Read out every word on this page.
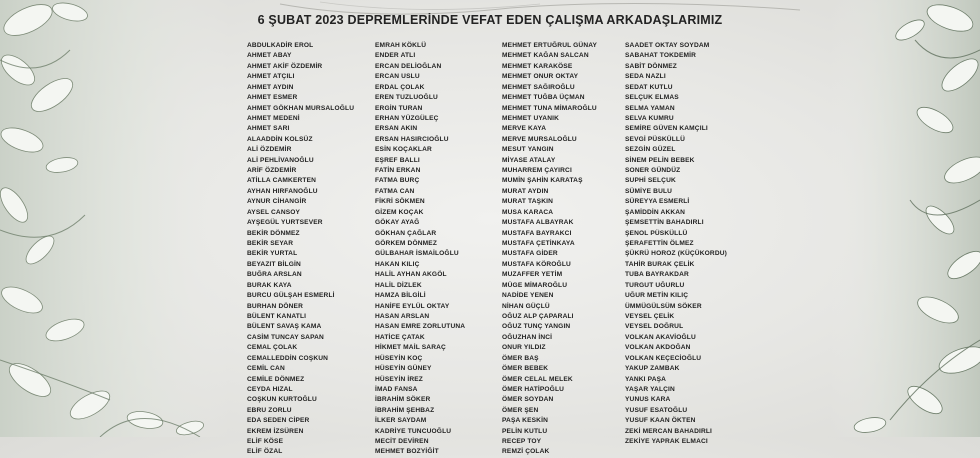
6 ŞUBAT 2023 DEPREMLERİNDE VEFAT EDEN ÇALIŞMA ARKADAŞLARIMIZ
ABDULKADİR EROL
AHMET ABAY
AHMET AKİF ÖZDEMİR
AHMET ATÇILI
AHMET AYDIN
AHMET ESMER
AHMET GÖKHAN MURSALOĞLU
AHMET MEDENİ
AHMET SARI
ALAADDİN KOLSÜZ
ALİ ÖZDEMİR
ALİ PEHLİVANOĞLU
ARİF ÖZDEMİR
ATİLLA CAMKERTEN
AYHAN HIRFANOĞLU
AYNUR CİHANGİR
AYSEL CANSOY
AYŞEGÜL YURTSEVER
BEKİR DÖNMEZ
BEKİR SEYAR
BEKİR YURTAL
BEYAZIT BİLGİN
BUĞRA ARSLAN
BURAK KAYA
BURCU GÜLŞAH ESMERLİ
BURHAN DÖNER
BÜLENT KANATLI
BÜLENT SAVAŞ KAMA
CASİM TUNCAY SAPAN
CEMAL ÇOLAK
CEMALLEDDİN COŞKUN
CEMİL CAN
CEMİLE DÖNMEZ
CEYDA HIZAL
COŞKUN KURTOĞLU
EBRU ZORLU
EDA SEDEN CİPER
EKREM İZSÜREN
ELİF KÖSE
ELİF ÖZAL
EMRAH KÖKLÜ
ENDER ATLI
ERCAN DELİOĞLAN
ERCAN USLU
ERDAL ÇOLAK
EREN TUZLUOĞLU
ERGİN TURAN
ERHAN YÜZGÜLEÇ
ERSAN AKIN
ERSAN HASIRCIOĞLU
ESİN KOÇAKLAR
EŞREF BALLI
FATİN ERKAN
FATMA BURÇ
FATMA CAN
FİKRİ SÖKMEN
GİZEM KOÇAK
GÖKAY AYAĞ
GÖKHAN ÇAĞLAR
GÖRKEM DÖNMEZ
GÜLBAHAR İSMAİLOĞLU
HAKAN KILIÇ
HALİL AYHAN AKGÖL
HALİL DİZLEK
HAMZA BİLGİLİ
HANİFE EYLÜL OKTAY
HASAN ARSLAN
HASAN EMRE ZORLUTUNA
HATİCE ÇATAK
HİKMET MAİL SARAÇ
HÜSEYİN KOÇ
HÜSEYİN GÜNEY
HÜSEYİN İREZ
İMAD FANSA
İBRAHİM SÖKER
İBRAHİM ŞEHBAZ
İLKER SAYDAM
KADRİYE TUNCUOĞLU
MECİT DEVİREN
MEHMET BOZYİĞİT
MEHMET ERTUĞRUL GÜNAY
MEHMET KAĞAN SALCAN
MEHMET KARAKÖSE
MEHMET ONUR OKTAY
MEHMET SAĞIROĞLU
MEHMET TUĞBA ÜÇMAN
MEHMET TUNA MİMAROĞLU
MEHMET UYANIK
MERVE KAYA
MERVE MURSALOĞLU
MESUT YANGIN
MİYASE ATALAY
MUHARREM ÇAYIRCI
MUMİN ŞAHİN KARATAŞ
MURAT AYDIN
MURAT TAŞKIN
MUSA KARACA
MUSTAFA ALBAYRAK
MUSTAFA BAYRAKCI
MUSTAFA ÇETİNKAYA
MUSTAFA GİDER
MUSTAFA KÖROĞLU
MUZAFFER YETİM
MÜGE MİMAROĞLU
NADİDE YENEN
NİHAN GÜÇLÜ
OĞUZ ALP ÇAPARALI
OĞUZ TUNÇ YANGIN
OĞUZHAN İNCİ
ONUR YILDIZ
ÖMER BAŞ
ÖMER BEBEK
ÖMER CELAL MELEK
ÖMER HATİPOĞLU
ÖMER SOYDAN
ÖMER ŞEN
PAŞA KESKİN
PELİN KUTLU
RECEP TOY
REMZİ ÇOLAK
SAADET OKTAY SOYDAM
SABAHAT TOKDEMİR
SABİT DÖNMEZ
SEDA NAZLI
SEDAT KUTLU
SELÇUK ELMAS
SELMA YAMAN
SELVA KUMRU
SEMİRE GÜVEN KAMÇILI
SEVGİ PÜSKÜLLÜ
SEZGİN GÜZEL
SİNEM PELİN BEBEK
SONER GÜNDÜZ
SUPHİ SELÇUK
SÜMİYE BULU
SÜREYYA ESMERLİ
ŞAMİDDİN AKKAN
ŞEMSETTİN BAHADIRLI
ŞENOL PÜSKÜLLÜ
ŞERAFETTİN ÖLMEZ
ŞÜKRÜ HOROZ (KÜÇÜKORDU)
TAHİR BURAK ÇELİK
TUBA BAYRAKDAR
TURGUT UĞURLU
UĞUR METİN KILIÇ
ÜMMÜGÜLSÜM SÖKER
VEYSEL ÇELİK
VEYSEL DOĞRUL
VOLKAN AKAVİOĞLU
VOLKAN AKDOĞAN
VOLKAN KEÇECİOĞLU
YAKUP ZAMBAK
YANKI PAŞA
YAŞAR YALÇIN
YUNUS KARA
YUSUF ESATOĞLU
YUSUF KAAN ÖKTEN
ZEKİ MERCAN BAHADIRLI
ZEKİYE YAPRAK ELMACI
